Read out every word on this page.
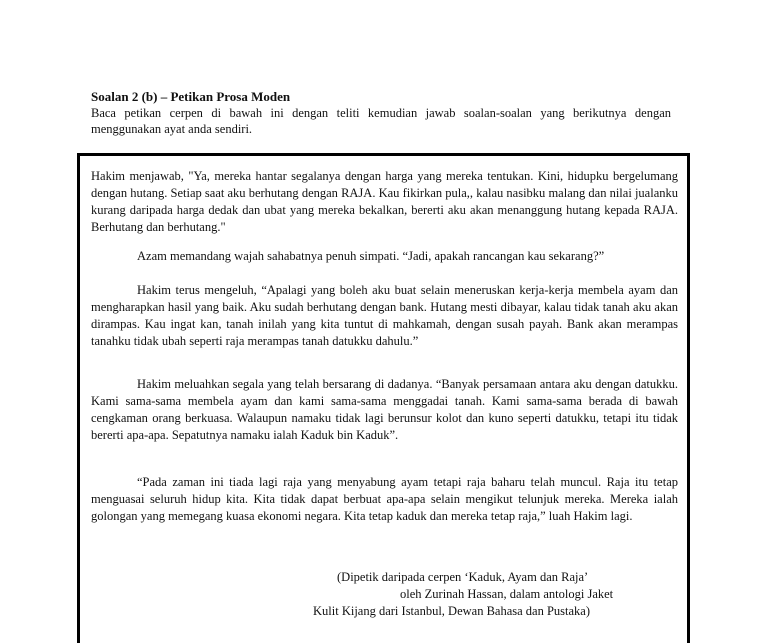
Soalan 2 (b) – Petikan Prosa Moden

Baca petikan cerpen di bawah ini dengan teliti kemudian jawab soalan-soalan yang berikutnya dengan menggunakan ayat anda sendiri.

Hakim menjawab, "Ya, mereka hantar segalanya dengan harga yang mereka tentukan. Kini, hidupku bergelumang dengan hutang. Setiap saat aku berhutang dengan RAJA. Kau fikirkan pula,, kalau nasibku malang dan nilai jualanku kurang daripada harga dedak dan ubat yang mereka bekalkan, bererti aku akan menanggung hutang kepada RAJA. Berhutang dan berhutang."

Azam memandang wajah sahabatnya penuh simpati. “Jadi, apakah rancangan kau sekarang?”

Hakim terus mengeluh, “Apalagi yang boleh aku buat selain meneruskan kerja-kerja membela ayam dan mengharapkan hasil yang baik. Aku sudah berhutang dengan bank. Hutang mesti dibayar, kalau tidak tanah aku akan dirampas. Kau ingat kan, tanah inilah yang kita tuntut di mahkamah, dengan susah payah. Bank akan merampas tanahku tidak ubah seperti raja merampas tanah datukku dahulu.”

Hakim meluahkan segala yang telah bersarang di dadanya. “Banyak persamaan antara aku dengan datukku. Kami sama-sama membela ayam dan kami sama-sama menggadai tanah. Kami sama-sama berada di bawah cengkaman orang berkuasa. Walaupun namaku tidak lagi berunsur kolot dan kuno seperti datukku, tetapi itu tidak bererti apa-apa. Sepatutnya namaku ialah Kaduk bin Kaduk”.

“Pada zaman ini tiada lagi raja yang menyabung ayam tetapi raja baharu telah muncul. Raja itu tetap menguasai seluruh hidup kita. Kita tidak dapat berbuat apa-apa selain mengikut telunjuk mereka. Mereka ialah golongan yang memegang kuasa ekonomi negara. Kita tetap kaduk dan mereka tetap raja,” luah Hakim lagi.

(Dipetik daripada cerpen ‘Kaduk, Ayam dan Raja’
oleh Zurinah Hassan, dalam antologi Jaket
Kulit Kijang dari Istanbul, Dewan Bahasa dan Pustaka)
